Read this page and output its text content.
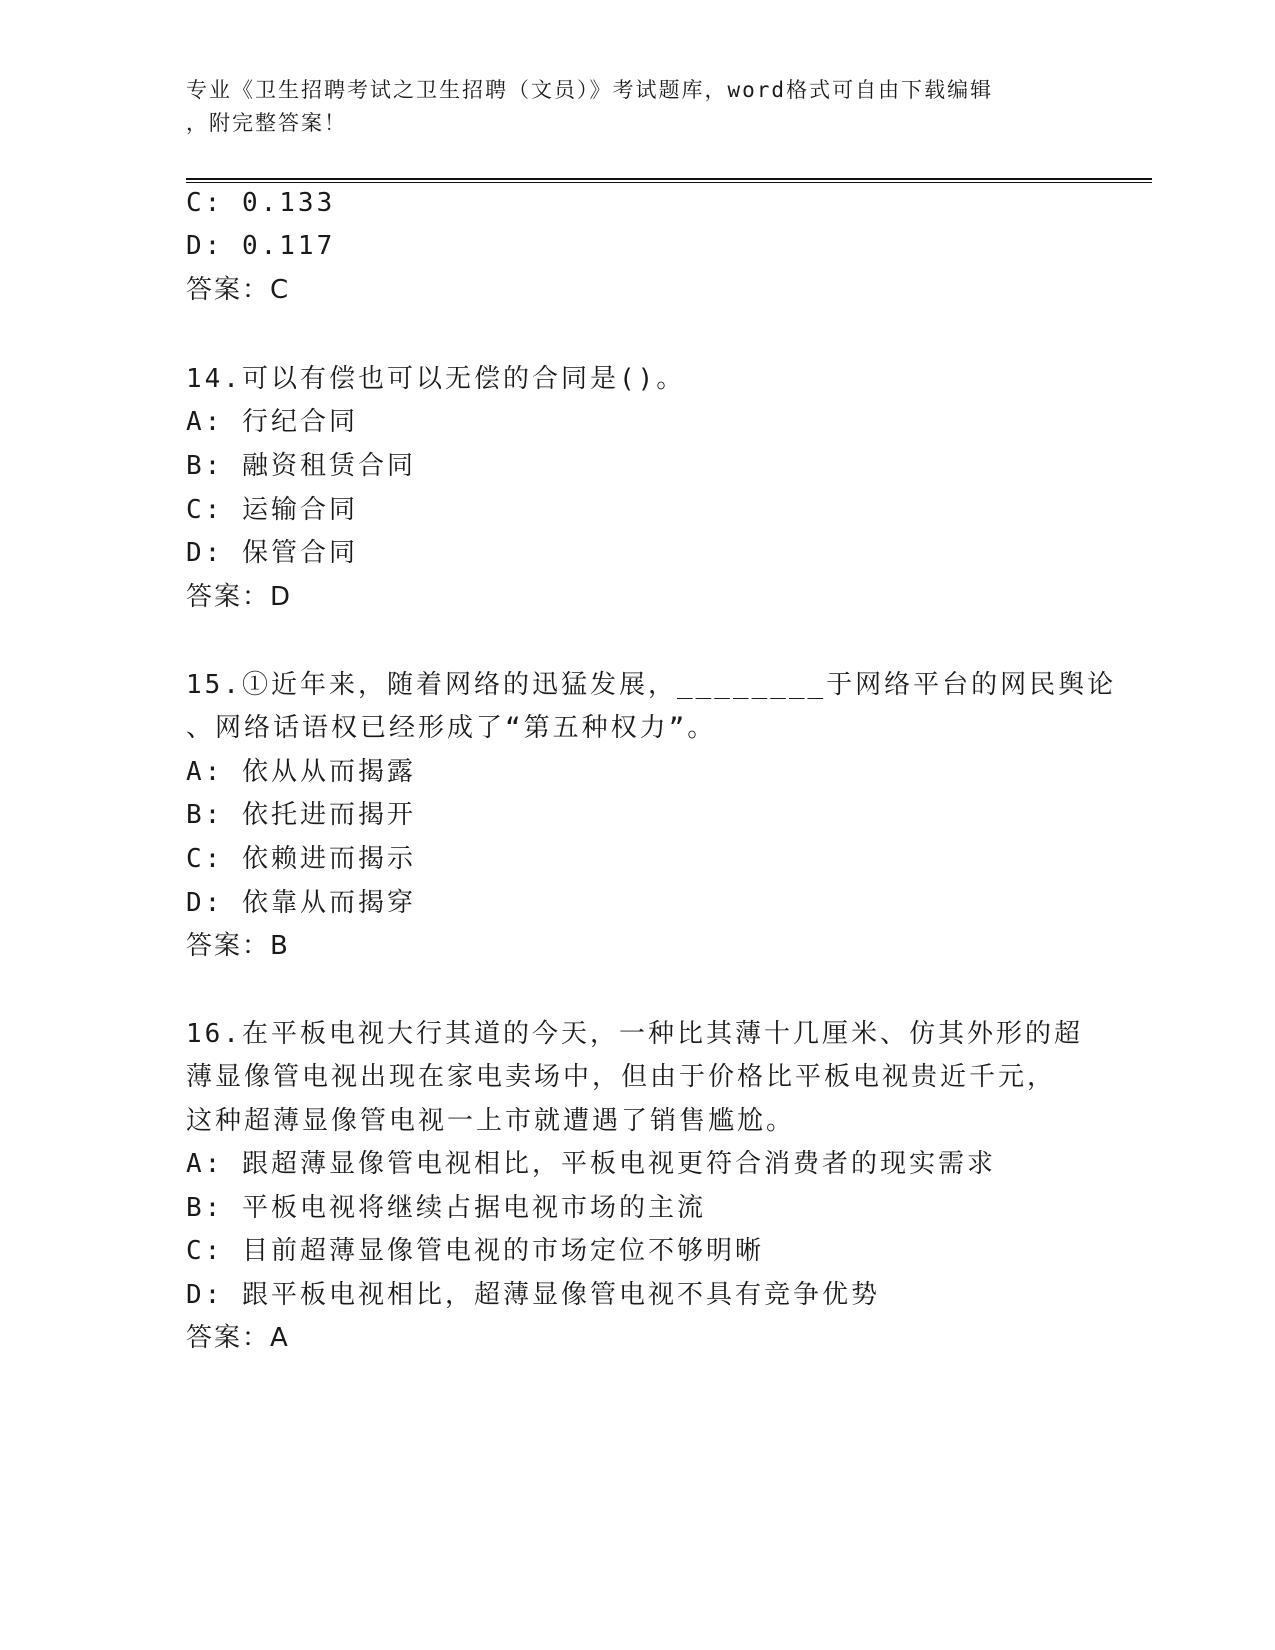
专业《卫生招聘考试之卫生招聘（文员）》考试题库，word格式可自由下载编辑
，附完整答案！
C: 0.133
D: 0.117
答案：C
14.可以有偿也可以无偿的合同是()。
A: 行纪合同
B: 融资租赁合同
C: 运输合同
D: 保管合同
答案：D
15.①近年来，随着网络的迅猛发展，________于网络平台的网民舆论
、网络话语权已经形成了“第五种权力”。
A: 依从从而揭露
B: 依托进而揭开
C: 依赖进而揭示
D: 依靠从而揭穿
答案：B
16.在平板电视大行其道的今天，一种比其薄十几厘米、仿其外形的超
薄显像管电视出现在家电卖场中，但由于价格比平板电视贵近千元，
这种超薄显像管电视一上市就遭遇了销售尴尬。
A: 跟超薄显像管电视相比，平板电视更符合消费者的现实需求
B: 平板电视将继续占据电视市场的主流
C: 目前超薄显像管电视的市场定位不够明晰
D: 跟平板电视相比，超薄显像管电视不具有竞争优势
答案：A
